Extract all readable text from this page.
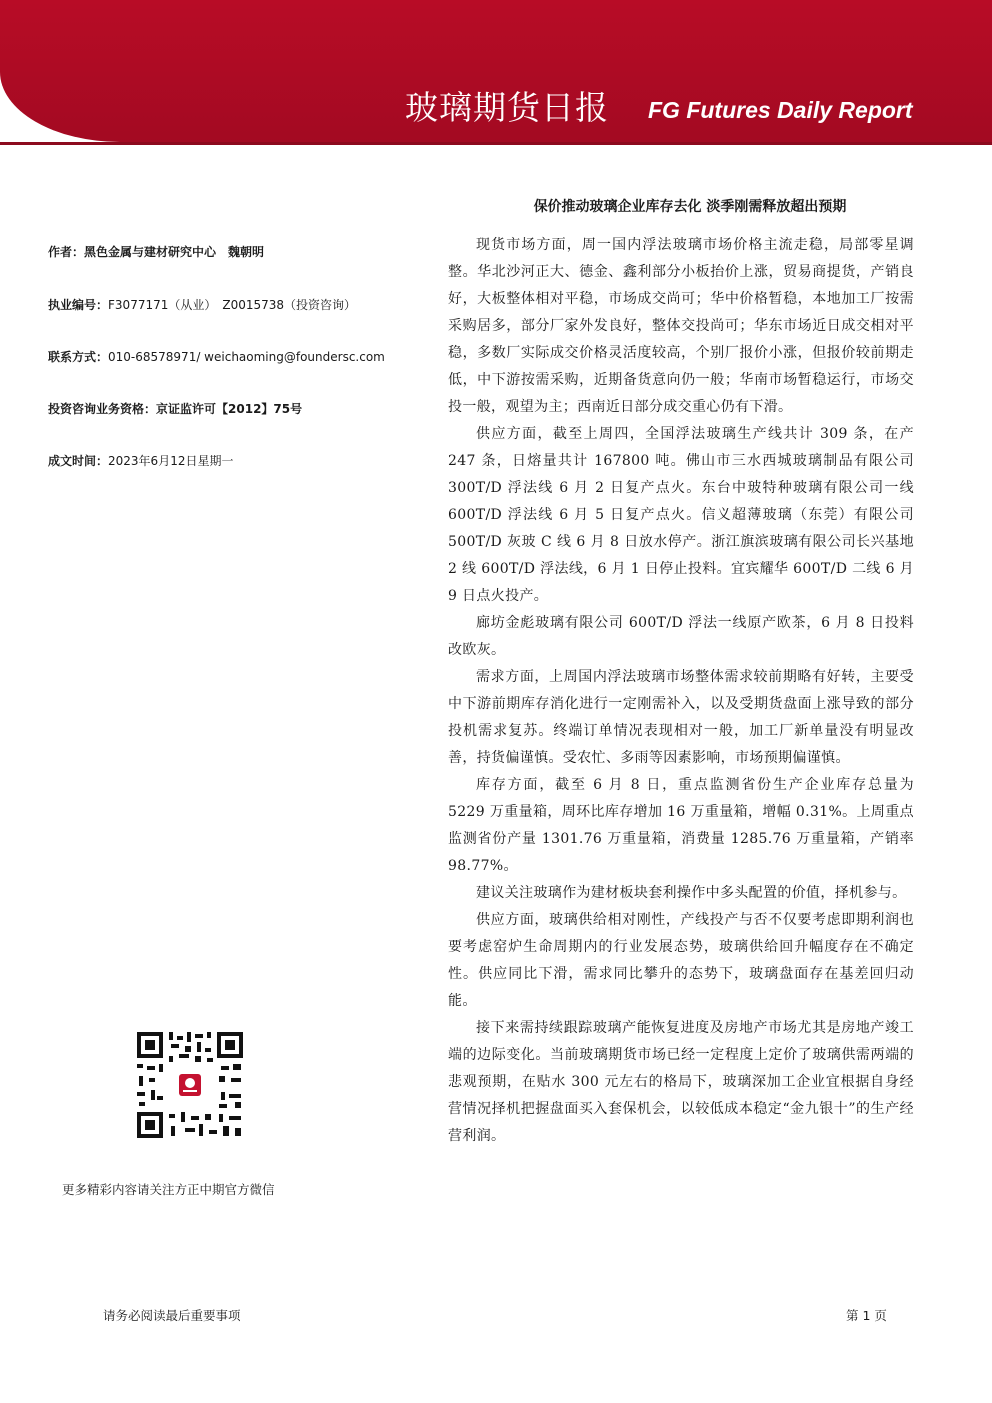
玻璃期货日报 FG Futures Daily Report
保价推动玻璃企业库存去化 淡季刚需释放超出预期
作者：黑色金属与建材研究中心　魏朝明
执业编号：F3077171（从业）　Z0015738（投资咨询）
联系方式：010-68578971/ weichaoming@foundersc.com
投资咨询业务资格：京证监许可【2012】75号
成文时间：2023年6月12日星期一
更多精彩内容请关注方正中期官方微信

现货市场方面，周一国内浮法玻璃市场价格主流走稳，局部零星调整。华北沙河正大、德金、鑫利部分小板抬价上涨，贸易商提货，产销良好，大板整体相对平稳，市场成交尚可；华中价格暂稳，本地加工厂按需采购居多，部分厂家外发良好，整体交投尚可；华东市场近日成交相对平稳，多数厂实际成交价格灵活度较高，个别厂报价小涨，但报价较前期走低，中下游按需采购，近期备货意向仍一般；华南市场暂稳运行，市场交投一般，观望为主；西南近日部分成交重心仍有下滑。

供应方面，截至上周四，全国浮法玻璃生产线共计 309 条，在产 247 条，日熔量共计 167800 吨。佛山市三水西城玻璃制品有限公司 300T/D 浮法线 6 月 2 日复产点火。东台中玻特种玻璃有限公司一线 600T/D 浮法线 6 月 5 日复产点火。信义超薄玻璃（东莞）有限公司 500T/D 灰玻 C 线 6 月 8 日放水停产。浙江旗滨玻璃有限公司长兴基地 2 线 600T/D 浮法线，6 月 1 日停止投料。宜宾耀华 600T/D 二线 6 月 9 日点火投产。

廊坊金彪玻璃有限公司 600T/D 浮法一线原产欧茶，6 月 8 日投料改欧灰。

需求方面，上周国内浮法玻璃市场整体需求较前期略有好转，主要受中下游前期库存消化进行一定刚需补入，以及受期货盘面上涨导致的部分投机需求复苏。终端订单情况表现相对一般，加工厂新单量没有明显改善，持货偏谨慎。受农忙、多雨等因素影响，市场预期偏谨慎。

库存方面，截至 6 月 8 日，重点监测省份生产企业库存总量为 5229 万重量箱，周环比库存增加 16 万重量箱，增幅 0.31%。上周重点监测省份产量 1301.76 万重量箱，消费量 1285.76 万重量箱，产销率 98.77%。

建议关注玻璃作为建材板块套利操作中多头配置的价值，择机参与。

供应方面，玻璃供给相对刚性，产线投产与否不仅要考虑即期利润也要考虑窑炉生命周期内的行业发展态势，玻璃供给回升幅度存在不确定性。供应同比下滑，需求同比攀升的态势下，玻璃盘面存在基差回归动能。

接下来需持续跟踪玻璃产能恢复进度及房地产市场尤其是房地产竣工端的边际变化。当前玻璃期货市场已经一定程度上定价了玻璃供需两端的悲观预期，在贴水 300 元左右的格局下，玻璃深加工企业宜根据自身经营情况择机把握盘面买入套保机会，以较低成本稳定“金九银十”的生产经营利润。

请务必阅读最后重要事项	第 1 页
